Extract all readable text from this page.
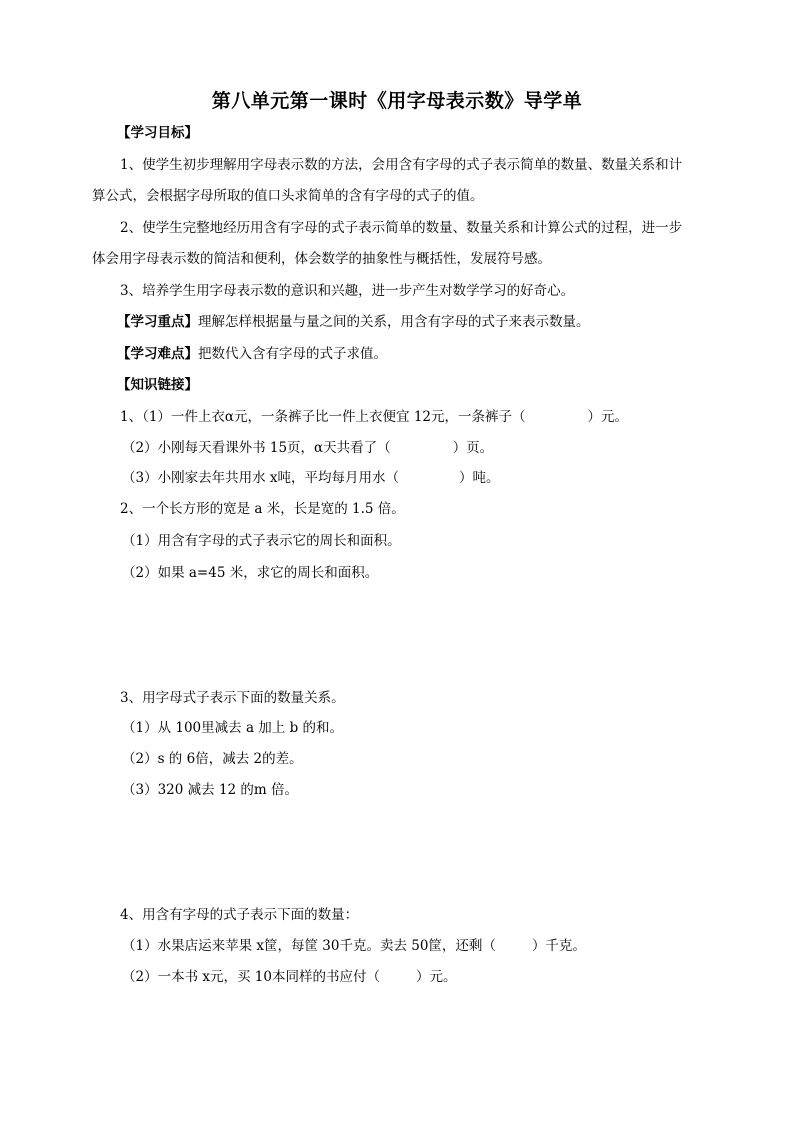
第八单元第一课时《用字母表示数》导学单
【学习目标】
1、使学生初步理解用字母表示数的方法，会用含有字母的式子表示简单的数量、数量关系和计
算公式，会根据字母所取的值口头求简单的含有字母的式子的值。
2、使学生完整地经历用含有字母的式子表示简单的数量、数量关系和计算公式的过程，进一步
体会用字母表示数的简洁和便利，体会数学的抽象性与概括性，发展符号感。
3、培养学生用字母表示数的意识和兴趣，进一步产生对数学学习的好奇心。
【学习重点】理解怎样根据量与量之间的关系，用含有字母的式子来表示数量。
【学习难点】把数代入含有字母的式子求值。
【知识链接】
1、（1）一件上衣α元，一条裤子比一件上衣便宜 12元，一条裤子（	）元。
（2）小刚每天看课外书 15页，α天共看了（	）页。
（3）小刚家去年共用水 x吨，平均每月用水（	）吨。
2、一个长方形的宽是 a 米，长是宽的 1.5 倍。
（1）用含有字母的式子表示它的周长和面积。
（2）如果 a=45 米，求它的周长和面积。
3、用字母式子表示下面的数量关系。
（1）从 100里减去 a 加上 b 的和。
（2）s 的 6倍，减去 2的差。
（3）320 减去 12 的m 倍。
4、用含有字母的式子表示下面的数量：
（1）水果店运来苹果 x筐，每筐 30千克。卖去 50筐，还剩（	）千克。
（2）一本书 x元，买 10本同样的书应付（	）元。
